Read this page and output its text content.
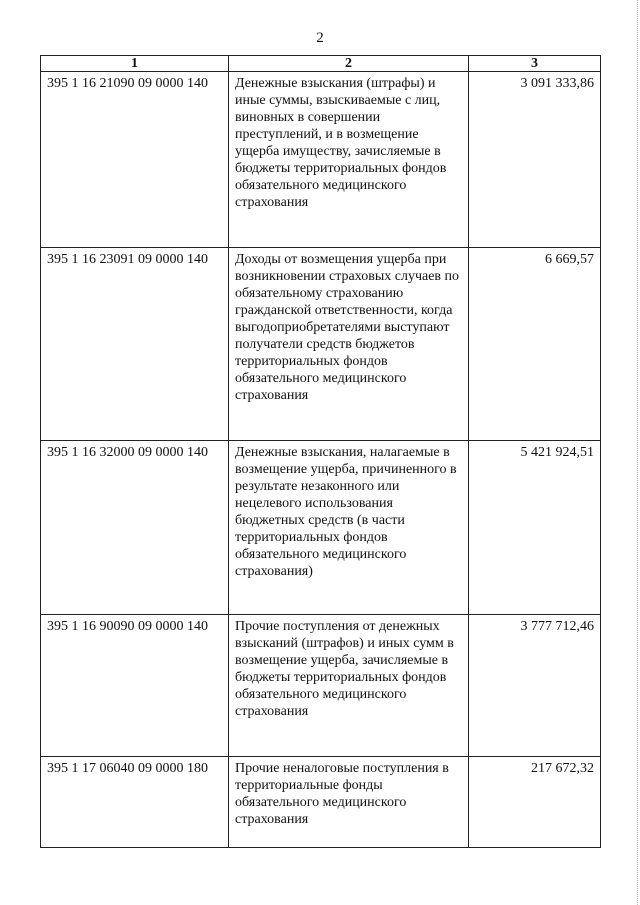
2
1	2	3
395 1 16 21090 09 0000 140	Денежные взыскания (штрафы) и иные суммы, взыскиваемые с лиц, виновных в совершении преступлений, и в возмещение ущерба имуществу, зачисляемые в бюджеты территориальных фондов обязательного медицинского страхования	3 091 333,86
395 1 16 23091 09 0000 140	Доходы от возмещения ущерба при возникновении страховых случаев по обязательному страхованию гражданской ответственности, когда выгодоприобретателями выступают получатели средств бюджетов территориальных фондов обязательного медицинского страхования	6 669,57
395 1 16 32000 09 0000 140	Денежные взыскания, налагаемые в возмещение ущерба, причиненного в результате незаконного или нецелевого использования бюджетных средств (в части территориальных фондов обязательного медицинского страхования)	5 421 924,51
395 1 16 90090 09 0000 140	Прочие поступления от денежных взысканий (штрафов) и иных сумм в возмещение ущерба, зачисляемые в бюджеты территориальных фондов обязательного медицинского страхования	3 777 712,46
395 1 17 06040 09 0000 180	Прочие неналоговые поступления в территориальные фонды обязательного медицинского страхования	217 672,32
